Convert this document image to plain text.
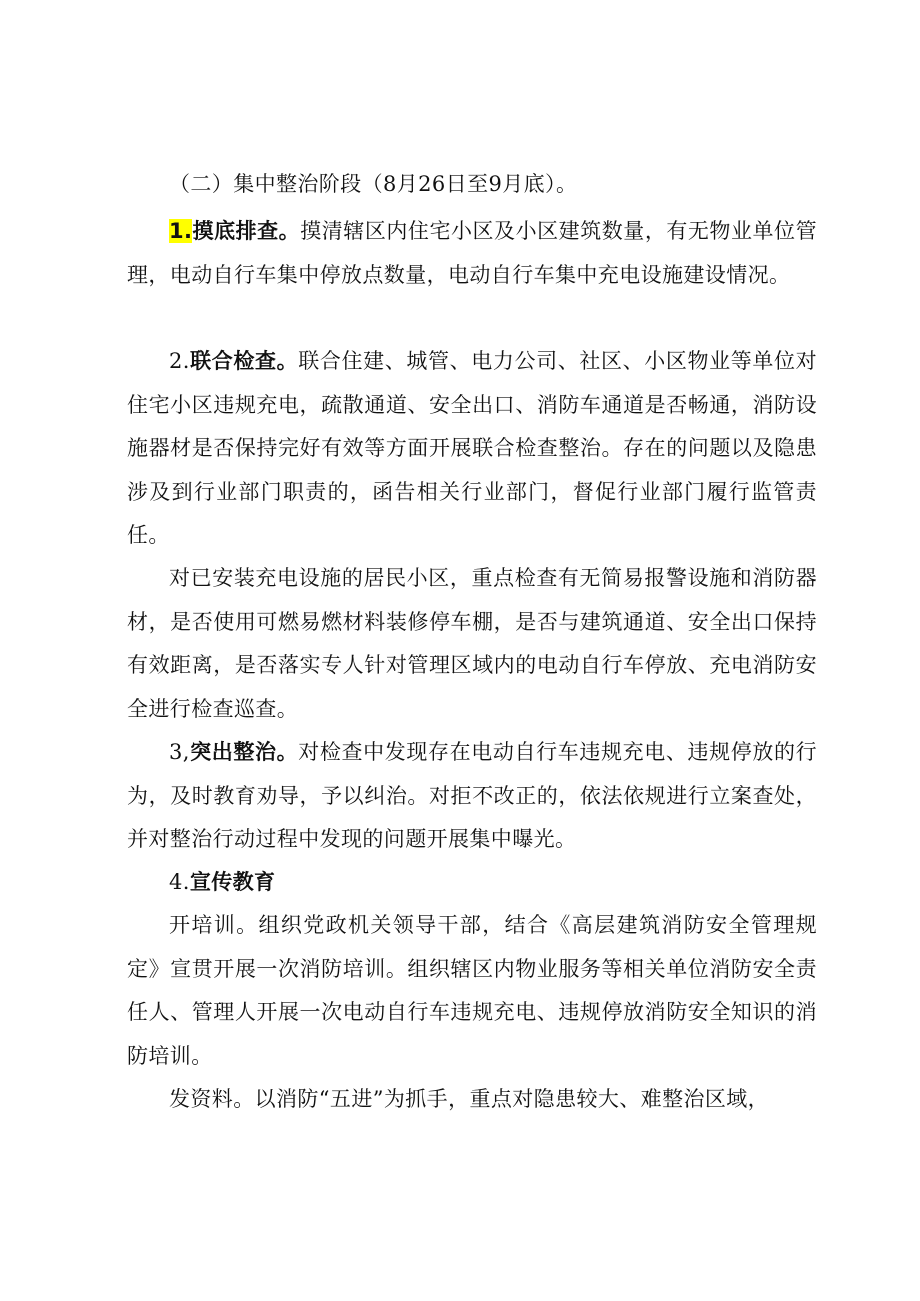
（二）集中整治阶段（8月26日至9月底）。

1.摸底排查。摸清辖区内住宅小区及小区建筑数量，有无物业单位管理，电动自行车集中停放点数量，电动自行车集中充电设施建设情况。

2.联合检查。联合住建、城管、电力公司、社区、小区物业等单位对住宅小区违规充电，疏散通道、安全出口、消防车通道是否畅通，消防设施器材是否保持完好有效等方面开展联合检查整治。存在的问题以及隐患涉及到行业部门职责的，函告相关行业部门，督促行业部门履行监管责任。

对已安装充电设施的居民小区，重点检查有无简易报警设施和消防器材，是否使用可燃易燃材料装修停车棚，是否与建筑通道、安全出口保持有效距离，是否落实专人针对管理区域内的电动自行车停放、充电消防安全进行检查巡查。

3,突出整治。对检查中发现存在电动自行车违规充电、违规停放的行为，及时教育劝导，予以纠治。对拒不改正的，依法依规进行立案查处，并对整治行动过程中发现的问题开展集中曝光。

4.宣传教育

开培训。组织党政机关领导干部，结合《高层建筑消防安全管理规定》宣贯开展一次消防培训。组织辖区内物业服务等相关单位消防安全责任人、管理人开展一次电动自行车违规充电、违规停放消防安全知识的消防培训。

发资料。以消防“五进”为抓手，重点对隐患较大、难整治区域，
